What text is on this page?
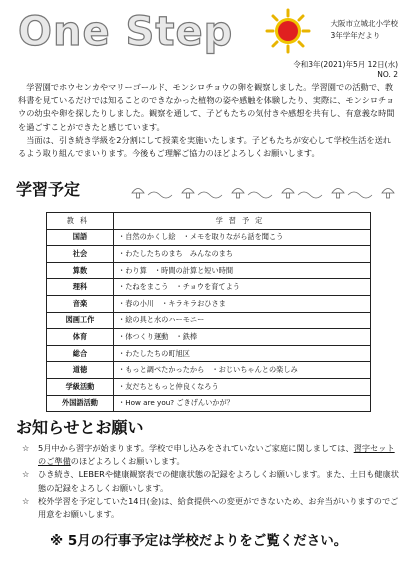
One Step	大阪市立城北小学校
3年学年だより
令和3年(2021)年5月 12日(水)
NO. 2

学習園でホウセンカやマリーゴールド、モンシロチョウの卵を観察しました。学習園での活動で、教科書を見ているだけでは知ることのできなかった植物の姿や感触を体験したり、実際に、モンシロチョウの幼虫や卵を探したりしました。観察を通して、子どもたちの気付きや感想を共有し、有意義な時間を過ごすことができたと感じています。

当面は、引き続き学級を2分割にして授業を実施いたします。子どもたちが安心して学校生活を送れるよう取り組んでまいります。今後もご理解ご協力のほどよろしくお願いします。

学習予定
教科	学習予定
国語	・自然のかくし絵　・メモを取りながら話を聞こう
社会	・わたしたちのまち　みんなのまち
算数	・わり算　・時間の計算と短い時間
理科	・たねをまこう　・チョウを育てよう
音楽	・春の小川　・キラキラおひさま
図画工作	・絵の具と水のハーモニー
体育	・体つくり運動　・鉄棒
総合	・わたしたちの町旭区
道徳	・もっと調べたかったから　・おじいちゃんとの楽しみ
学級活動	・友だちともっと仲良くなろう
外国語活動	・How are you? ごきげんいかが？
お知らせとお願い

☆ 5月中から習字が始まります。学校で申し込みをされていないご家庭に関しましては、習字セットのご準備のほどよろしくお願いします。

☆ ひき続き、LEBERや健康観察表での健康状態の記録をよろしくお願いします。また、土日も健康状態の記録をよろしくお願いします。

☆ 校外学習を予定していた14日(金)は、給食提供への変更ができないため、お弁当がいりますのでご用意をお願いします。

※ 5月の行事予定は学校だよりをご覧ください。
